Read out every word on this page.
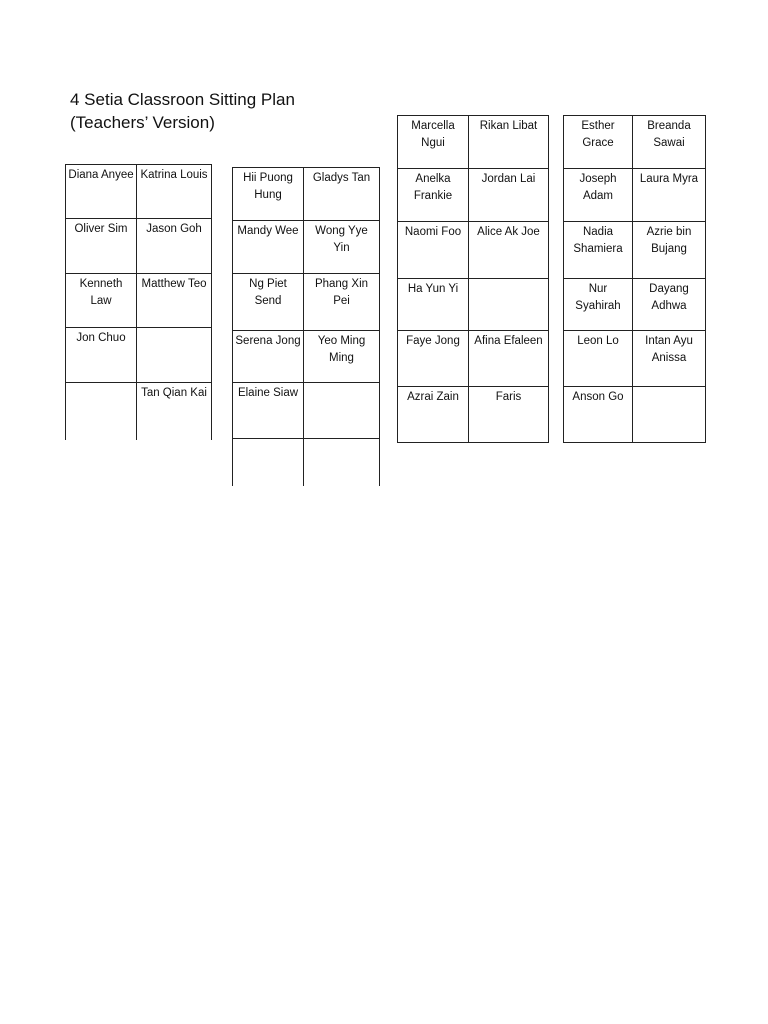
4 Setia Classroon Sitting Plan
(Teachers’ Version)
Diana Anyee	Katrina Louis
Oliver Sim	Jason Goh
Kenneth Law	Matthew Teo
Jon Chuo	
	Tan Qian Kai
Hii Puong Hung	Gladys Tan
Mandy Wee	Wong Yye Yin
Ng Piet Send	Phang Xin Pei
Serena Jong	Yeo Ming Ming
Elaine Siaw	

Marcella Ngui	Rikan Libat
Anelka Frankie	Jordan Lai
Naomi Foo	Alice Ak Joe
Ha Yun Yi	
Faye Jong	Afina Efaleen
Azrai Zain	Faris
Esther Grace	Breanda Sawai
Joseph Adam	Laura Myra
Nadia Shamiera	Azrie bin Bujang
Nur Syahirah	Dayang Adhwa
Leon Lo	Intan Ayu Anissa
Anson Go	
